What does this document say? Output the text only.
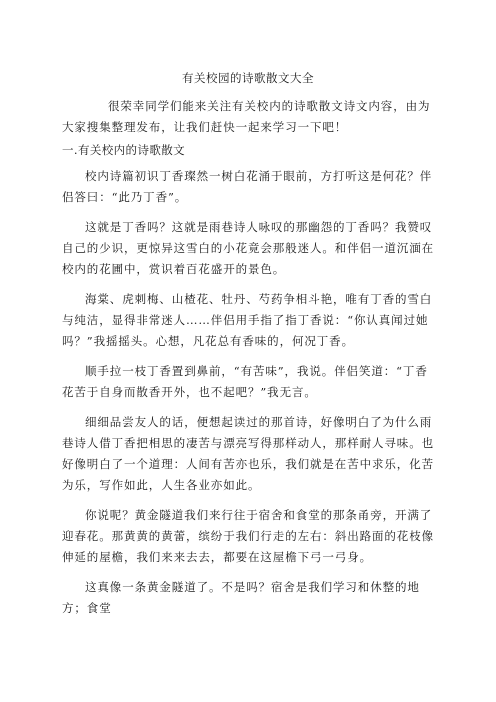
有关校园的诗歌散文大全
很荣幸同学们能来关注有关校内的诗歌散文诗文内容，由为大家搜集整理发布，让我们赶快一起来学习一下吧！
一.有关校内的诗歌散文

校内诗篇初识丁香璨然一树白花涌于眼前，方打听这是何花？伴侣答曰：“此乃丁香”。

这就是丁香吗？这就是雨巷诗人咏叹的那幽怨的丁香吗？我赞叹自己的少识，更惊异这雪白的小花竟会那般迷人。和伴侣一道沉湎在校内的花圃中，赏识着百花盛开的景色。

海棠、虎刺梅、山楂花、牡丹、芍药争相斗艳，唯有丁香的雪白与纯洁，显得非常迷人……伴侣用手指了指丁香说：“你认真闻过她吗？”我摇摇头。心想，凡花总有香味的，何况丁香。

顺手拉一枝丁香置到鼻前，“有苦味”，我说。伴侣笑道：“丁香花苦于自身而散香开外，也不起吧？”我无言。

细细品尝友人的话，便想起读过的那首诗，好像明白了为什么雨巷诗人借丁香把相思的凄苦与漂亮写得那样动人，那样耐人寻味。也好像明白了一个道理：人间有苦亦也乐，我们就是在苦中求乐，化苦为乐，写作如此，人生各业亦如此。

你说呢？黄金隧道我们来行往于宿舍和食堂的那条甬旁，开满了迎春花。那黄黄的黄蕾，缤纷于我们行走的左右：斜出路面的花枝像伸延的屋檐，我们来来去去，都要在这屋檐下弓一弓身。

这真像一条黄金隧道了。不是吗？宿舍是我们学习和休整的地方；食堂
